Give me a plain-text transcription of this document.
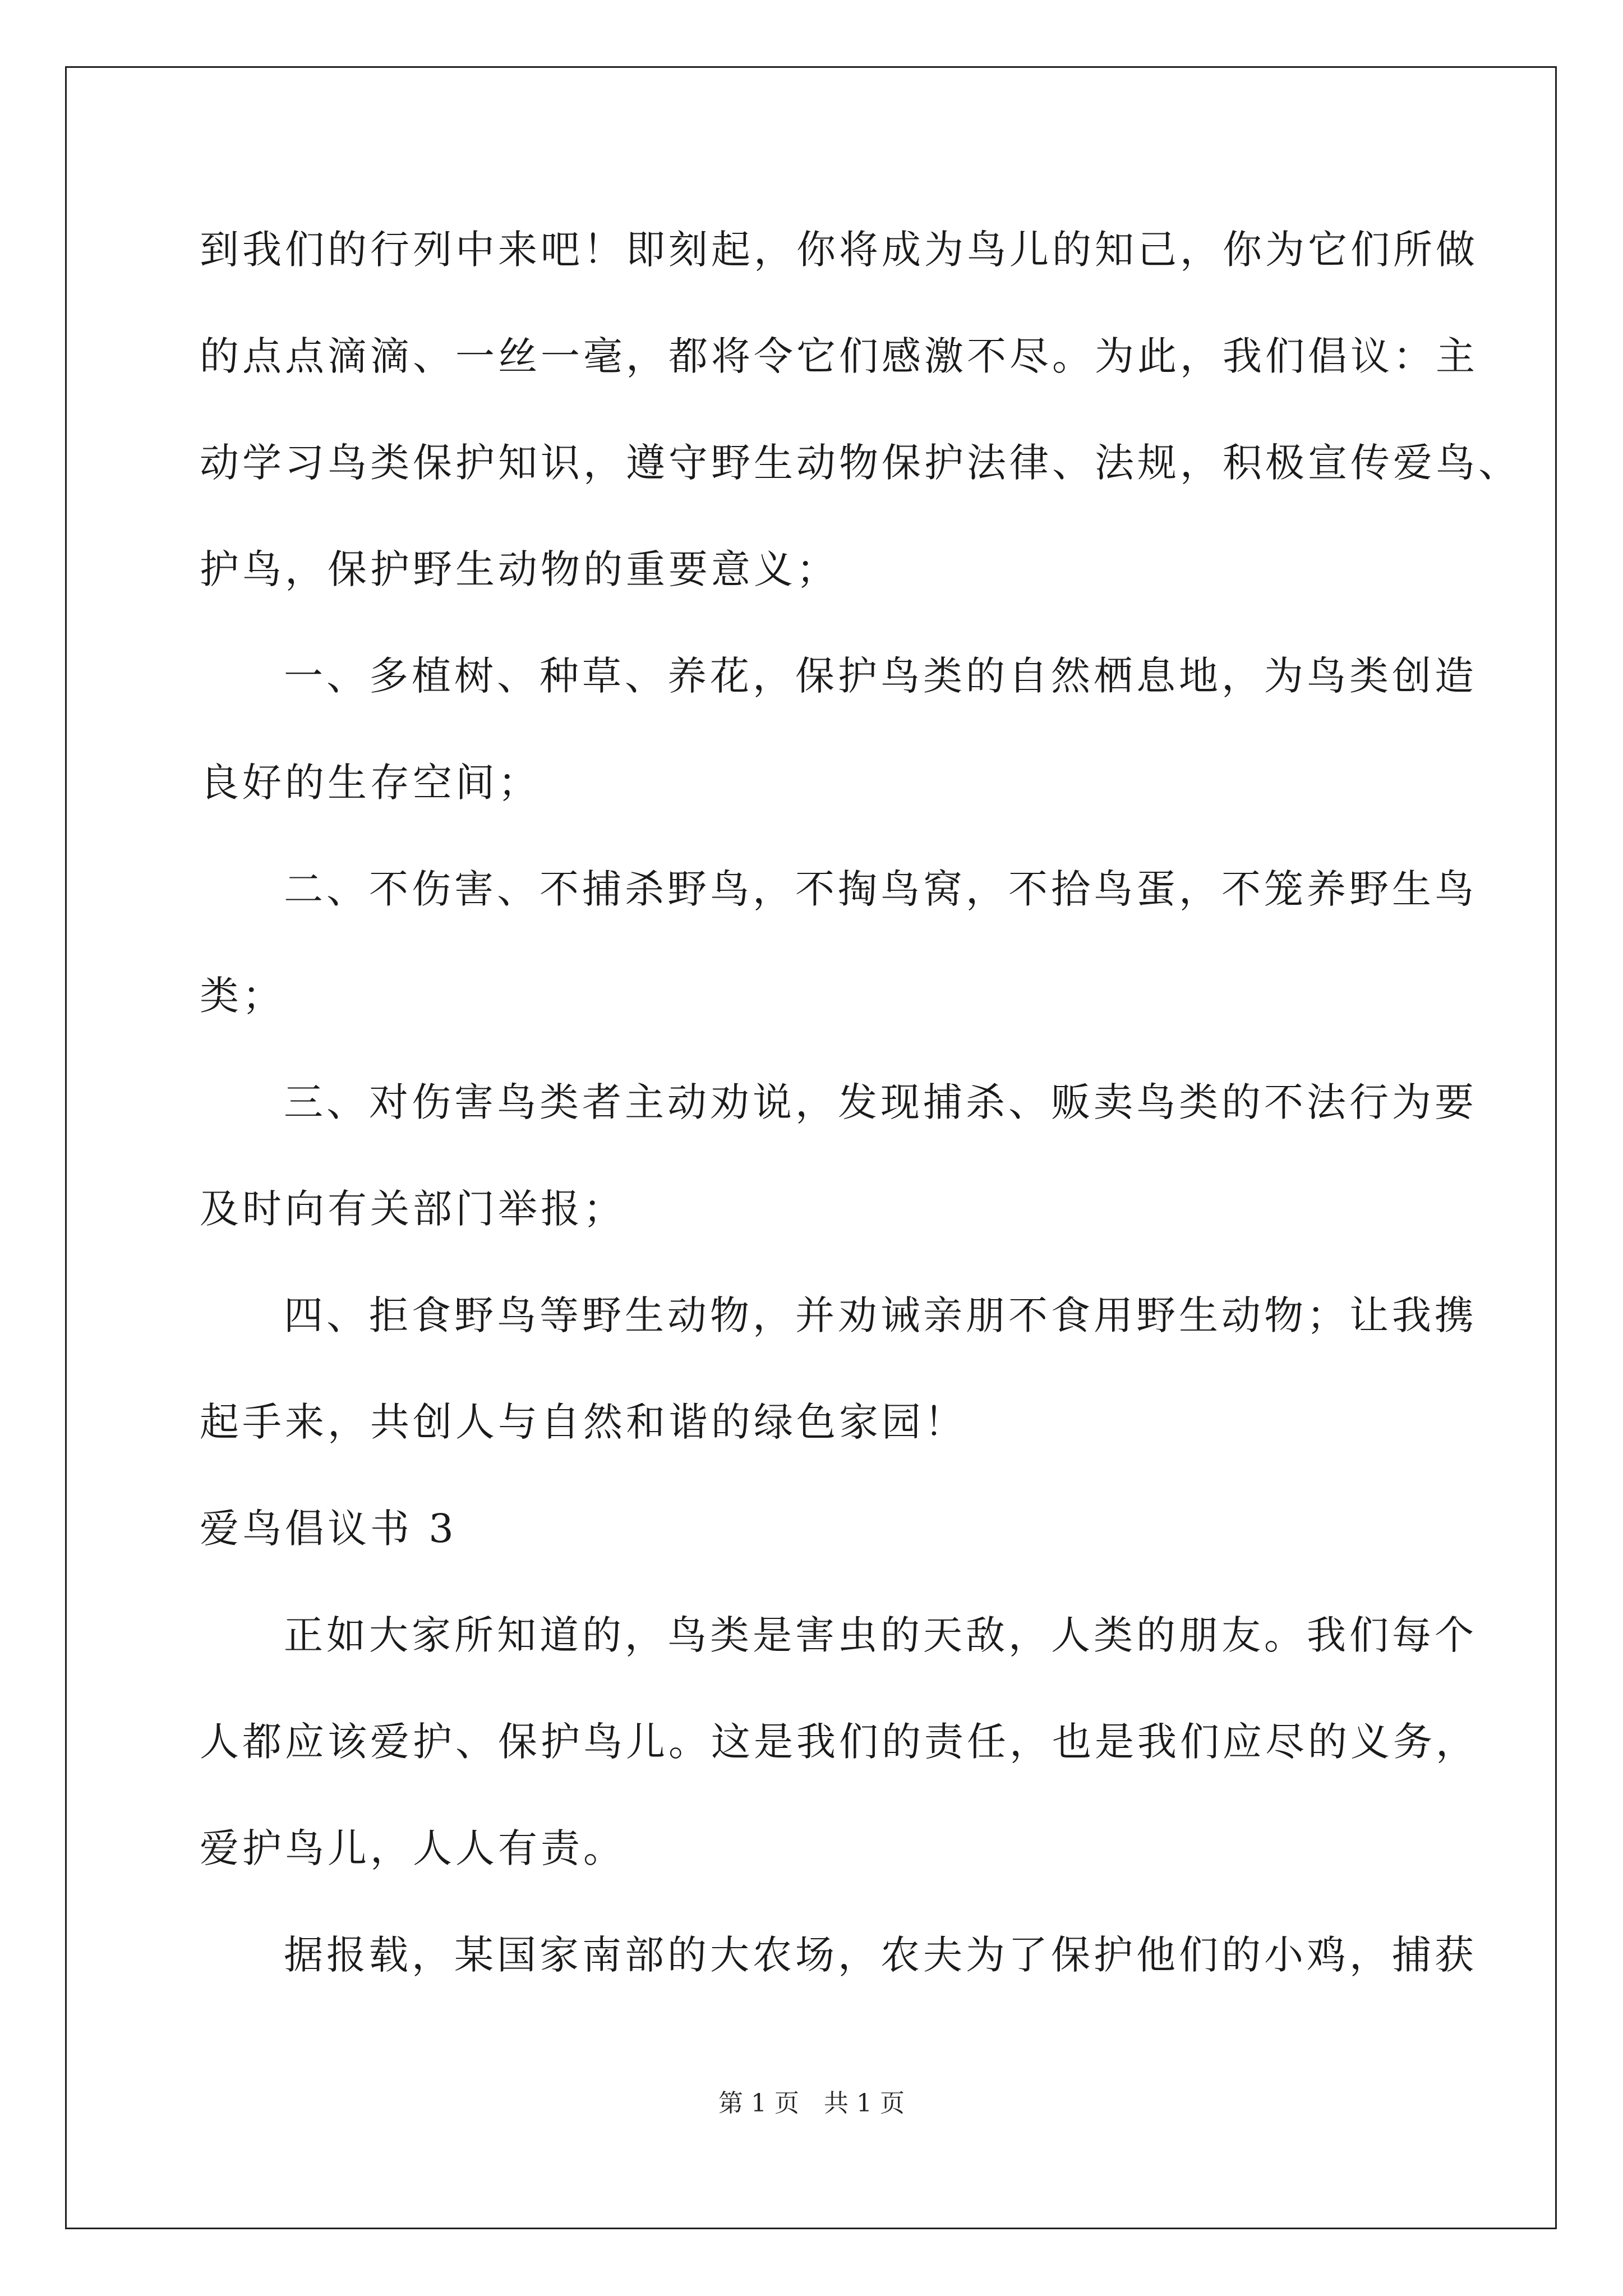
到我们的行列中来吧！即刻起，你将成为鸟儿的知己，你为它们所做
的点点滴滴、一丝一毫，都将令它们感激不尽。为此，我们倡议：主
动学习鸟类保护知识，遵守野生动物保护法律、法规，积极宣传爱鸟、
护鸟，保护野生动物的重要意义；
一、多植树、种草、养花，保护鸟类的自然栖息地，为鸟类创造
良好的生存空间；
二、不伤害、不捕杀野鸟，不掏鸟窝，不拾鸟蛋，不笼养野生鸟
类；
三、对伤害鸟类者主动劝说，发现捕杀、贩卖鸟类的不法行为要
及时向有关部门举报；
四、拒食野鸟等野生动物，并劝诫亲朋不食用野生动物；让我携
起手来，共创人与自然和谐的绿色家园！
爱鸟倡议书 3
正如大家所知道的，鸟类是害虫的天敌，人类的朋友。我们每个
人都应该爱护、保护鸟儿。这是我们的责任，也是我们应尽的义务，
爱护鸟儿，人人有责。
据报载，某国家南部的大农场，农夫为了保护他们的小鸡，捕获
第 1 页　共 1 页
